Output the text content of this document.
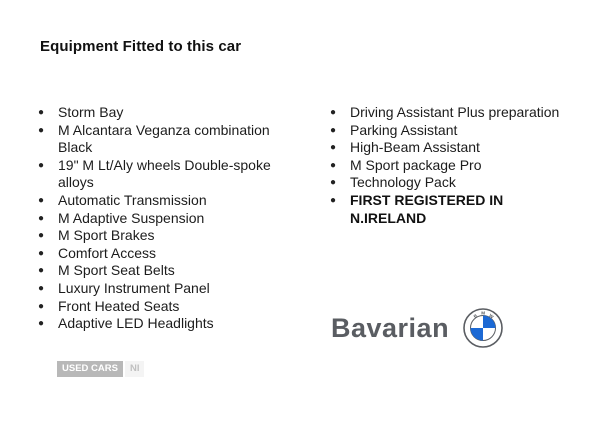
Equipment Fitted to this car
● Storm Bay
● M Alcantara Veganza combination Black
● 19" M Lt/Aly wheels Double-spoke alloys
● Automatic Transmission
● M Adaptive Suspension
● M Sport Brakes
● Comfort Access
● M Sport Seat Belts
● Luxury Instrument Panel
● Front Heated Seats
● Adaptive LED Headlights
● Driving Assistant Plus preparation
● Parking Assistant
● High-Beam Assistant
● M Sport package Pro
● Technology Pack
● FIRST REGISTERED IN N.IRELAND
Bavarian	B
M W
USED CARS	NI
